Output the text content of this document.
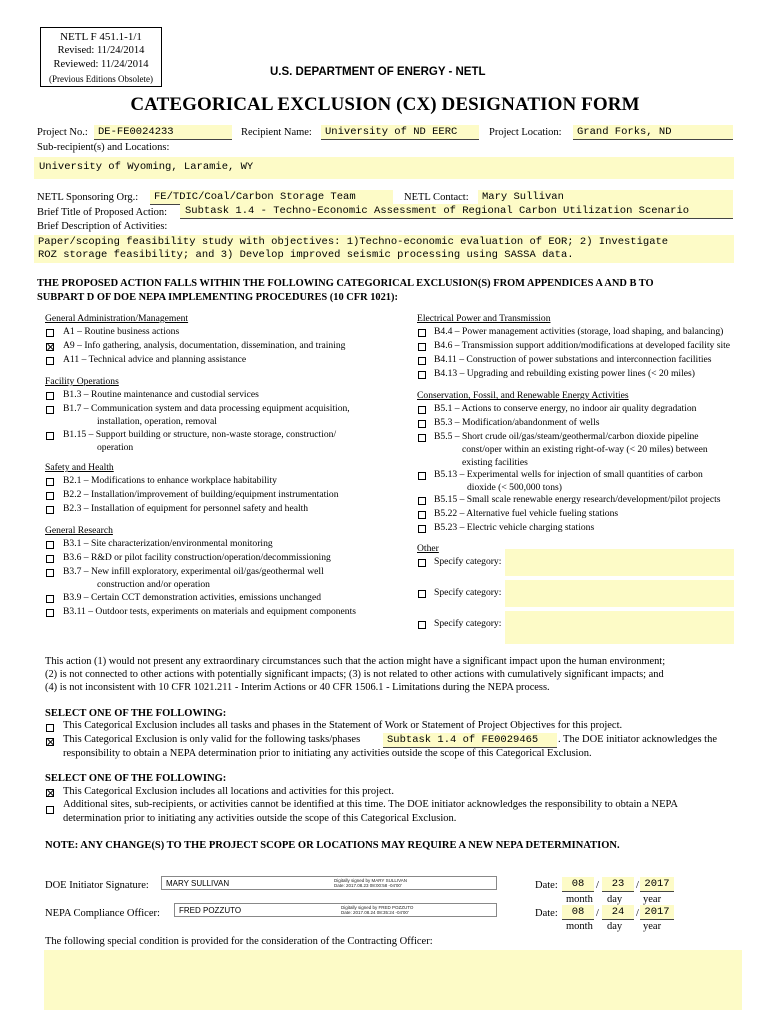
NETL F 451.1-1/1
Revised: 11/24/2014
Reviewed: 11/24/2014
(Previous Editions Obsolete)
U.S. DEPARTMENT OF ENERGY - NETL
CATEGORICAL EXCLUSION (CX) DESIGNATION FORM
Project No.: DE-FE0024233	Recipient Name:	University of ND EERC	Project Location:	Grand Forks, ND
Sub-recipient(s) and Locations:
University of Wyoming, Laramie, WY
NETL Sponsoring Org.:	FE/TDIC/Coal/Carbon Storage Team	NETL Contact:	Mary Sullivan
Brief Title of Proposed Action:	Subtask 1.4 - Techno-Economic Assessment of Regional Carbon Utilization Scenario
Brief Description of Activities:
Paper/scoping feasibility study with objectives: 1)Techno-economic evaluation of EOR; 2) Investigate
ROZ storage feasibility; and 3) Develop improved seismic processing using SASSA data.
THE PROPOSED ACTION FALLS WITHIN THE FOLLOWING CATEGORICAL EXCLUSION(S) FROM APPENDICES A AND B TO
SUBPART D OF DOE NEPA IMPLEMENTING PROCEDURES (10 CFR 1021):
General Administration/Management
A1 – Routine business actions
A9 – Info gathering, analysis, documentation, dissemination, and training
A11 – Technical advice and planning assistance
Facility Operations
B1.3 – Routine maintenance and custodial services
B1.7 – Communication system and data processing equipment acquisition,
installation, operation, removal
B1.15 – Support building or structure, non-waste storage, construction/
operation
Safety and Health
B2.1 – Modifications to enhance workplace habitability
B2.2 – Installation/improvement of building/equipment instrumentation
B2.3 – Installation of equipment for personnel safety and health
General Research
B3.1 – Site characterization/environmental monitoring
B3.6 – R&D or pilot facility construction/operation/decommissioning
B3.7 – New infill exploratory, experimental oil/gas/geothermal well
construction and/or operation
B3.9 – Certain CCT demonstration activities, emissions unchanged
B3.11 – Outdoor tests, experiments on materials and equipment components
Electrical Power and Transmission
B4.4 – Power management activities (storage, load shaping, and balancing)
B4.6 – Transmission support addition/modifications at developed facility site
B4.11 – Construction of power substations and interconnection facilities
B4.13 – Upgrading and rebuilding existing power lines (< 20 miles)
Conservation, Fossil, and Renewable Energy Activities
B5.1 – Actions to conserve energy, no indoor air quality degradation
B5.3 – Modification/abandonment of wells
B5.5 – Short crude oil/gas/steam/geothermal/carbon dioxide pipeline
const/oper within an existing right-of-way (< 20 miles) between
existing facilities
B5.13 – Experimental wells for injection of small quantities of carbon
dioxide (< 500,000 tons)
B5.15 – Small scale renewable energy research/development/pilot projects
B5.22 – Alternative fuel vehicle fueling stations
B5.23 – Electric vehicle charging stations
Other
Specify category:
Specify category:
Specify category:
This action (1) would not present any extraordinary circumstances such that the action might have a significant impact upon the human environment;
(2) is not connected to other actions with potentially significant impacts; (3) is not related to other actions with cumulatively significant impacts; and
(4) is not inconsistent with 10 CFR 1021.211 - Interim Actions or 40 CFR 1506.1 - Limitations during the NEPA process.
SELECT ONE OF THE FOLLOWING:
This Categorical Exclusion includes all tasks and phases in the Statement of Work or Statement of Project Objectives for this project.
This Categorical Exclusion is only valid for the following tasks/phases	Subtask 1.4 of FE0029465	. The DOE initiator acknowledges the
responsibility to obtain a NEPA determination prior to initiating any activities outside the scope of this Categorical Exclusion.
SELECT ONE OF THE FOLLOWING:
This Categorical Exclusion includes all locations and activities for this project.
Additional sites, sub-recipients, or activities cannot be identified at this time. The DOE initiator acknowledges the responsibility to obtain a NEPA
determination prior to initiating any activities outside the scope of this Categorical Exclusion.
NOTE: ANY CHANGE(S) TO THE PROJECT SCOPE OR LOCATIONS MAY REQUIRE A NEW NEPA DETERMINATION.
DOE Initiator Signature: MARY SULLIVAN	Digitally signed by MARY SULLIVAN
Date: 2017.08.23 08:00:58 -04'00'	Date:	08	/	23	/ 2017
month day year
NEPA Compliance Officer: FRED POZZUTO	Digitally signed by FRED POZZUTO
Date: 2017.08.24 08:35:24 -04'00'	Date:	08	/	24	/ 2017
month day year
The following special condition is provided for the consideration of the Contracting Officer:
